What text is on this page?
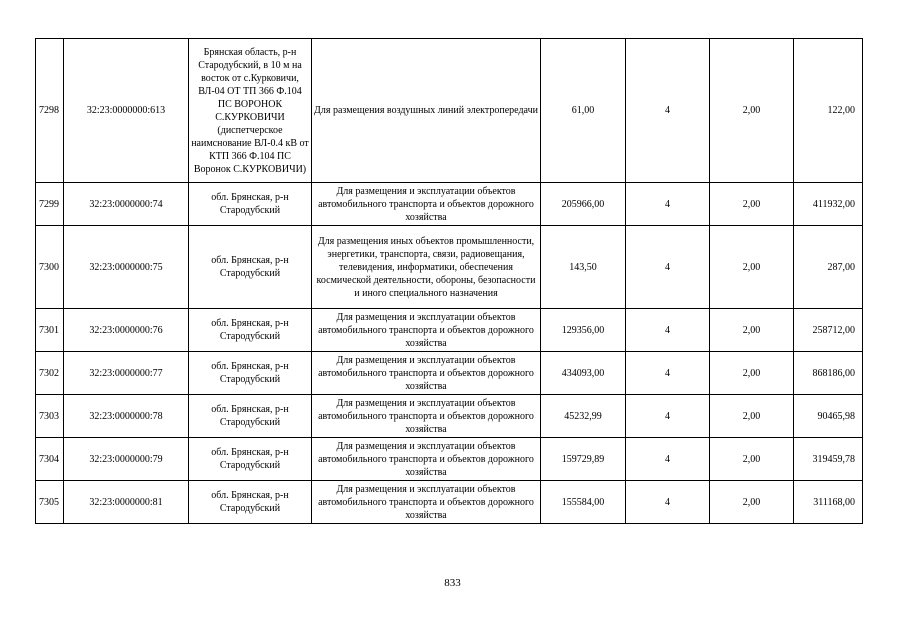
7298	32:23:0000000:613	Брянская область, р-н Стародубский, в 10 м на восток от с.Курковичи, ВЛ-04 ОТ ТП 366 Ф.104 ПС ВОРОНОК С.КУРКОВИЧИ (диспетчерское наимснование ВЛ-0.4 кВ от КТП 366 Ф.104 ПС Воронок С.КУРКОВИЧИ)	Для размещения воздушных линий электропередачи	61,00	4	2,00	122,00
7299	32:23:0000000:74	обл. Брянская, р-н Стародубский	Для размещения и эксплуатации объектов автомобильного транспорта и объектов дорожного хозяйства	205966,00	4	2,00	411932,00
7300	32:23:0000000:75	обл. Брянская, р-н Стародубский	Для размещения иных объектов промышленности, энергетики, транспорта, связи, радиовещания, телевидения, информатики, обеспечения космической деятельности, обороны, безопасности и иного специального назначения	143,50	4	2,00	287,00
7301	32:23:0000000:76	обл. Брянская, р-н Стародубский	Для размещения и эксплуатации объектов автомобильного транспорта и объектов дорожного хозяйства	129356,00	4	2,00	258712,00
7302	32:23:0000000:77	обл. Брянская, р-н Стародубский	Для размещения и эксплуатации объектов автомобильного транспорта и объектов дорожного хозяйства	434093,00	4	2,00	868186,00
7303	32:23:0000000:78	обл. Брянская, р-н Стародубский	Для размещения и эксплуатации объектов автомобильного транспорта и объектов дорожного хозяйства	45232,99	4	2,00	90465,98
7304	32:23:0000000:79	обл. Брянская, р-н Стародубский	Для размещения и эксплуатации объектов автомобильного транспорта и объектов дорожного хозяйства	159729,89	4	2,00	319459,78
7305	32:23:0000000:81	обл. Брянская, р-н Стародубский	Для размещения и эксплуатации объектов автомобильного транспорта и объектов дорожного хозяйства	155584,00	4	2,00	311168,00
833
